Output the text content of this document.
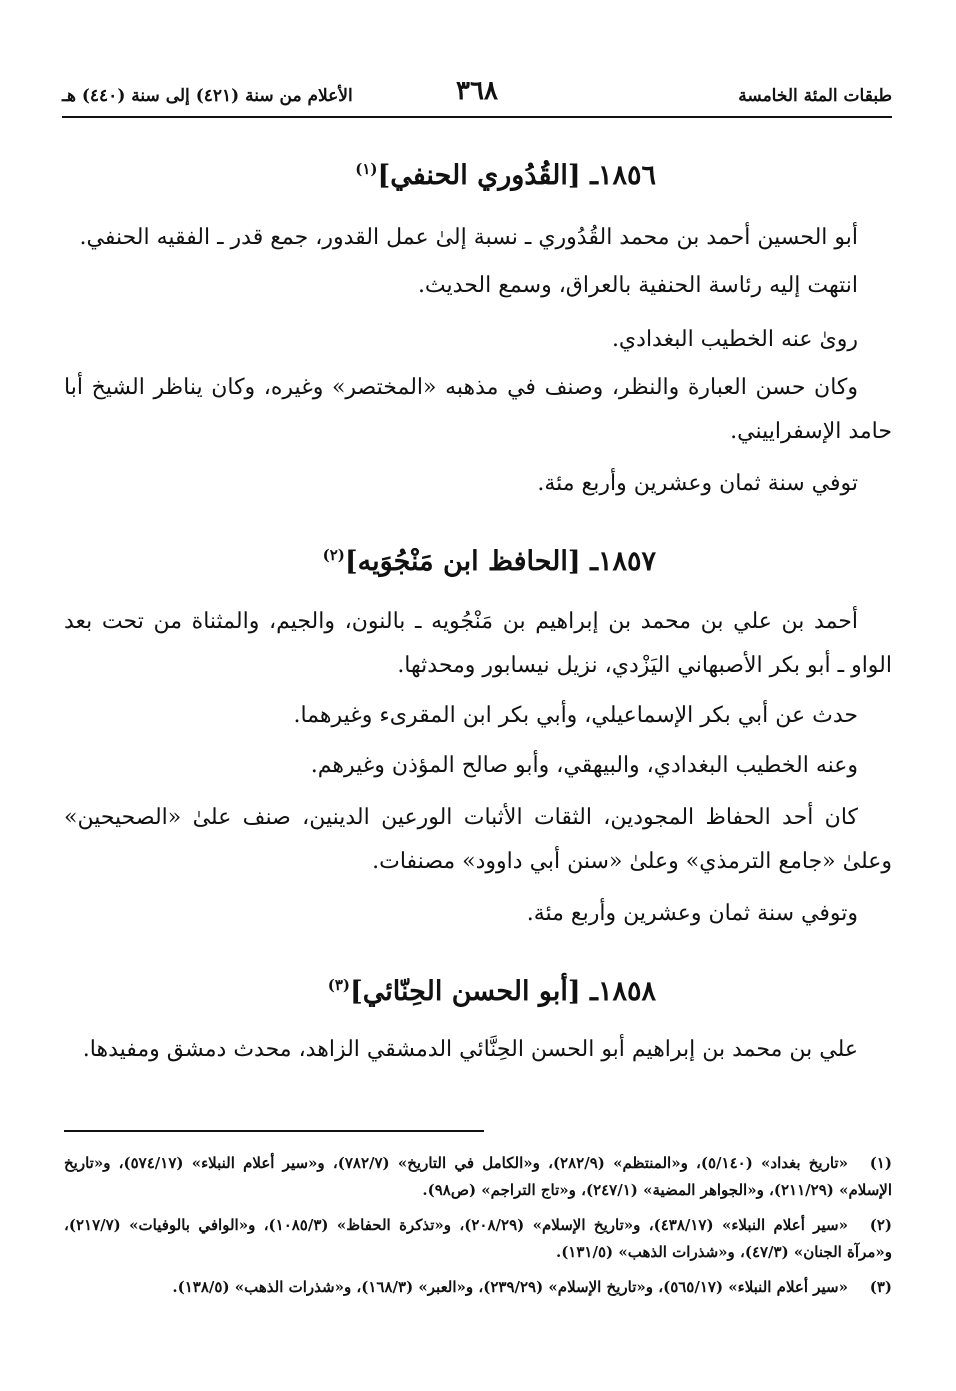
طبقات المئة الخامسة
٣٦٨
الأعلام من سنة (٤٢١) إلى سنة (٤٤٠) هـ
١٨٥٦ـ [القُدُوري الحنفي]$^{(١)}$
أبو الحسين أحمد بن محمد القُدُوري ـ نسبة إلىٰ عمل القدور، جمع قدر ـ الفقيه الحنفي.
انتهت إليه رئاسة الحنفية بالعراق، وسمع الحديث.
رویٰ عنه الخطيب البغدادي.
وكان حسن العبارة والنظر، وصنف في مذهبه «المختصر» وغيره، وكان يناظر الشيخ أبا حامد الإسفراييني.
توفي سنة ثمان وعشرين وأربع مئة.
١٨٥٧ـ [الحافظ ابن مَنْجُوَيه]$^{(٢)}$
أحمد بن علي بن محمد بن إبراهيم بن مَنْجُويه ـ بالنون، والجيم، والمثناة من تحت بعد الواو ـ أبو بكر الأصبهاني اليَزْدي، نزيل نيسابور ومحدثها.
حدث عن أبي بكر الإسماعيلي، وأبي بكر ابن المقرىء وغيرهما.
وعنه الخطيب البغدادي، والبيهقي، وأبو صالح المؤذن وغيرهم.
كان أحد الحفاظ المجودين، الثقات الأثبات الورعين الدينين، صنف علىٰ «الصحيحين» وعلىٰ «جامع الترمذي» وعلىٰ «سنن أبي داوود» مصنفات.
وتوفي سنة ثمان وعشرين وأربع مئة.
١٨٥٨ـ [أبو الحسن الحِنّائي]$^{(٣)}$
علي بن محمد بن إبراهيم أبو الحسن الحِنَّائي الدمشقي الزاهد، محدث دمشق ومفيدها.
(١)«تاريخ بغداد» (٥/١٤٠)، و«المنتظم» (٢٨٢/٩)، و«الكامل في التاريخ» (٧٨٢/٧)، و«سير أعلام النبلاء» (٥٧٤/١٧)، و«تاريخ الإسلام» (٢١١/٢٩)، و«الجواهر المضية» (٢٤٧/١)، و«تاج التراجم» (ص٩٨).
(٢)«سير أعلام النبلاء» (٤٣٨/١٧)، و«تاريخ الإسلام» (٢٠٨/٢٩)، و«تذكرة الحفاظ» (١٠٨٥/٣)، و«الوافي بالوفيات» (٢١٧/٧)، و«مرآة الجنان» (٤٧/٣)، و«شذرات الذهب» (١٣١/٥).
(٣)«سير أعلام النبلاء» (٥٦٥/١٧)، و«تاريخ الإسلام» (٢٣٩/٢٩)، و«العبر» (١٦٨/٣)، و«شذرات الذهب» (١٣٨/٥).
